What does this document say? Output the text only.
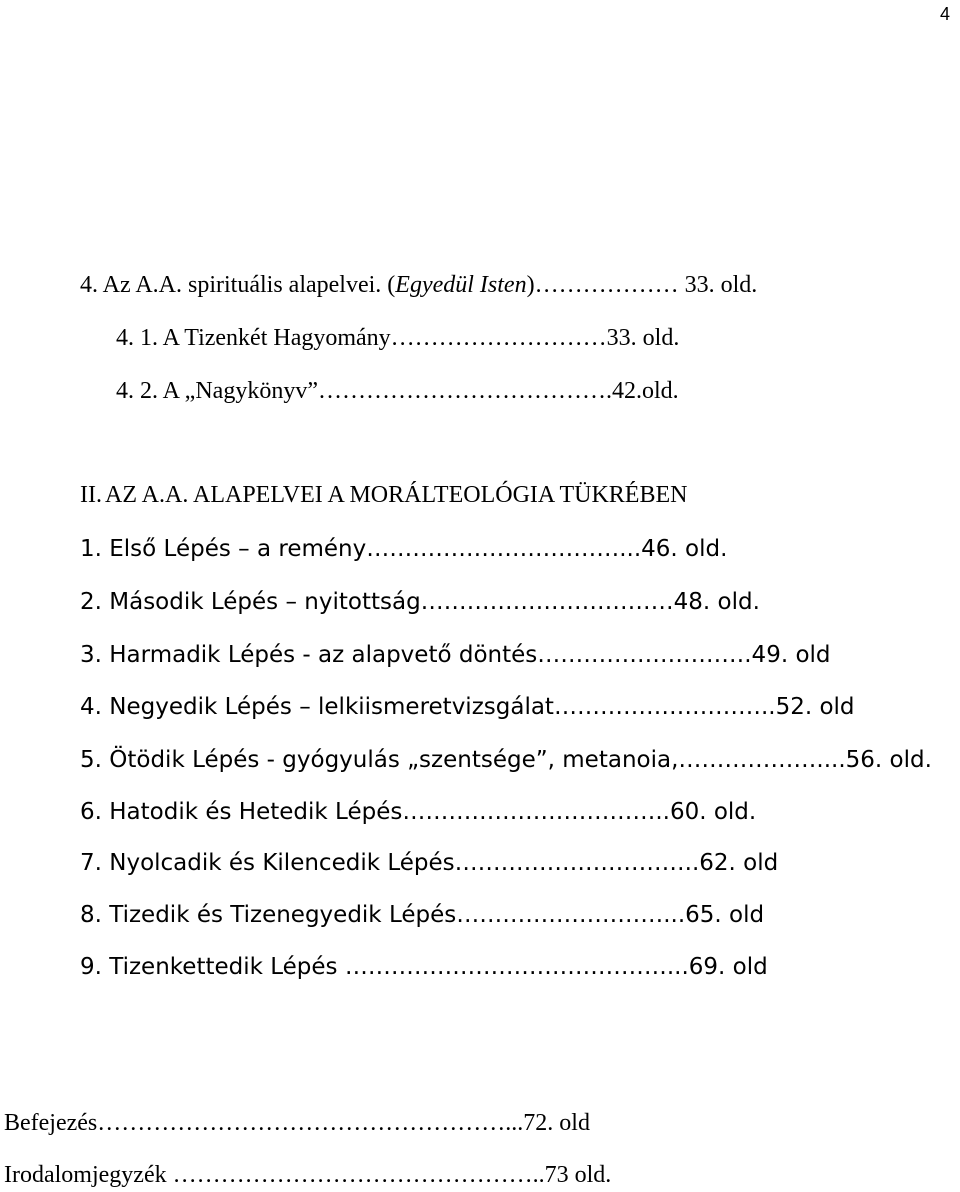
4
4. Az A.A. spirituális alapelvei. (Egyedül Isten)……………… 33. old.
4. 1. A Tizenkét Hagyomány………………………33. old.
4. 2. A „Nagykönyv”……………………………….42.old.
II. AZ A.A. ALAPELVEI A MORÁLTEOLÓGIA TÜKRÉBEN
1. Első Lépés – a remény……………………………...46. old.
2. Második Lépés – nyitottság……………………………48. old.
3. Harmadik Lépés - az alapvető döntés……………………….49. old
4. Negyedik Lépés – lelkiismeretvizsgálat………………………..52. old
5. Ötödik Lépés - gyógyulás „szentsége”, metanoia,………………....56. old.
6. Hatodik és Hetedik Lépés……………………………..60. old.
7. Nyolcadik és Kilencedik Lépés…………………………..62. old
8. Tizedik és Tizenegyedik Lépés………………………...65. old
9. Tizenkettedik Lépés ……………………………………...69. old
Befejezés……………………………………………...72. old
Irodalomjegyzék ………………………………………..73 old.
